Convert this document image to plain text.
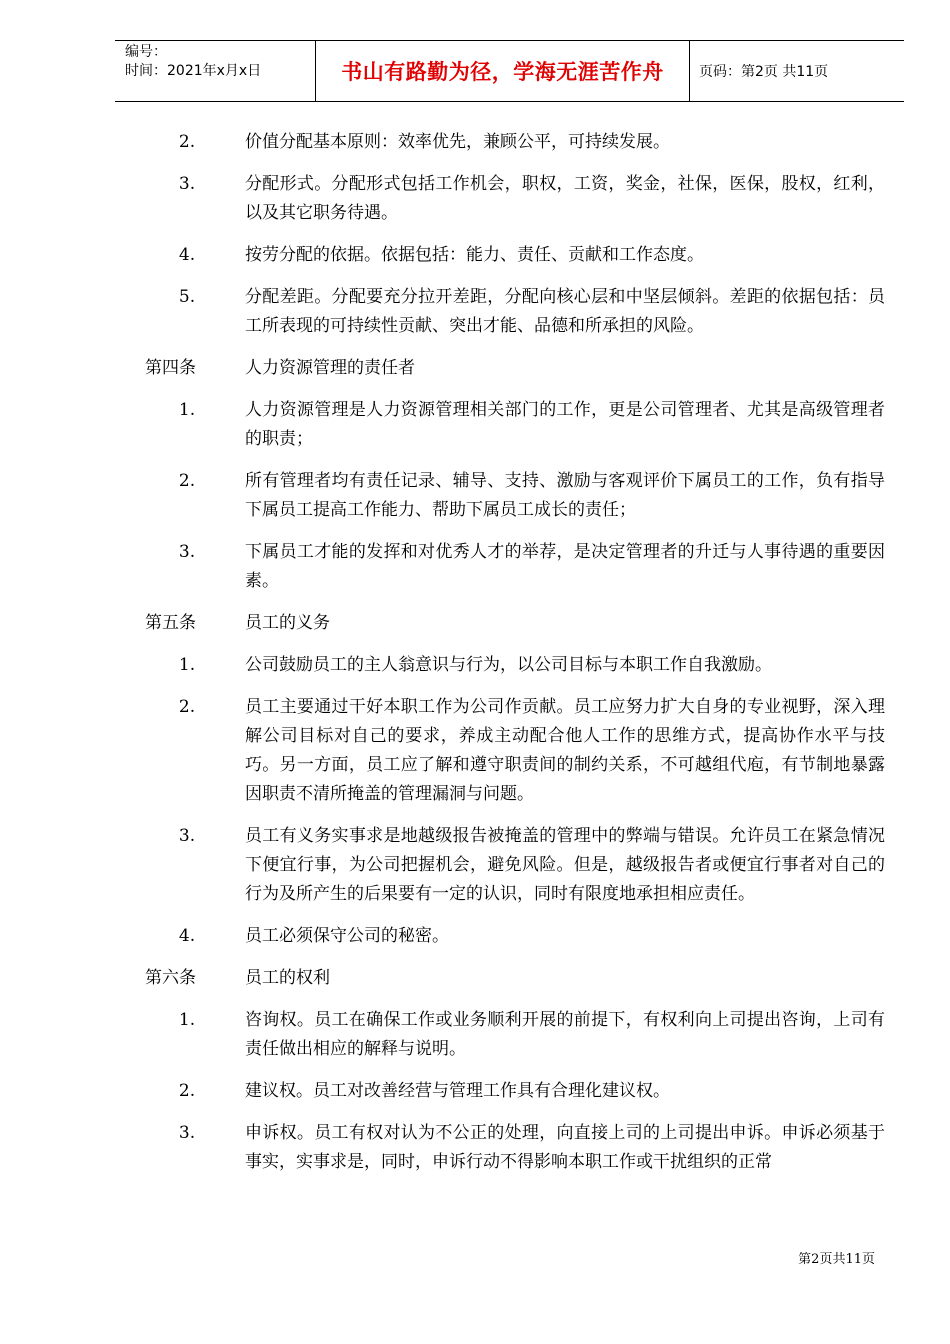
编号：
时间：2021年x月x日	书山有路勤为径，学海无涯苦作舟	页码：第2页 共11页
2.	价值分配基本原则：效率优先，兼顾公平，可持续发展。
3.	分配形式。分配形式包括工作机会，职权，工资，奖金，社保，医保，股权，红利，以及其它职务待遇。
4.	按劳分配的依据。依据包括：能力、责任、贡献和工作态度。
5.	分配差距。分配要充分拉开差距，分配向核心层和中坚层倾斜。差距的依据包括：员工所表现的可持续性贡献、突出才能、品德和所承担的风险。
第四条	人力资源管理的责任者
1.	人力资源管理是人力资源管理相关部门的工作，更是公司管理者、尤其是高级管理者的职责；
2.	所有管理者均有责任记录、辅导、支持、激励与客观评价下属员工的工作，负有指导下属员工提高工作能力、帮助下属员工成长的责任；
3.	下属员工才能的发挥和对优秀人才的举荐，是决定管理者的升迁与人事待遇的重要因素。
第五条	员工的义务
1.	公司鼓励员工的主人翁意识与行为，以公司目标与本职工作自我激励。
2.	员工主要通过干好本职工作为公司作贡献。员工应努力扩大自身的专业视野，深入理解公司目标对自己的要求，养成主动配合他人工作的思维方式，提高协作水平与技巧。另一方面，员工应了解和遵守职责间的制约关系，不可越组代庖，有节制地暴露因职责不清所掩盖的管理漏洞与问题。
3.	员工有义务实事求是地越级报告被掩盖的管理中的弊端与错误。允许员工在紧急情况下便宜行事，为公司把握机会，避免风险。但是，越级报告者或便宜行事者对自己的行为及所产生的后果要有一定的认识，同时有限度地承担相应责任。
4.	员工必须保守公司的秘密。
第六条	员工的权利
1.	咨询权。员工在确保工作或业务顺利开展的前提下，有权利向上司提出咨询，上司有责任做出相应的解释与说明。
2.	建议权。员工对改善经营与管理工作具有合理化建议权。
3.	申诉权。员工有权对认为不公正的处理，向直接上司的上司提出申诉。申诉必须基于事实，实事求是，同时，申诉行动不得影响本职工作或干扰组织的正常
第2页共11页
